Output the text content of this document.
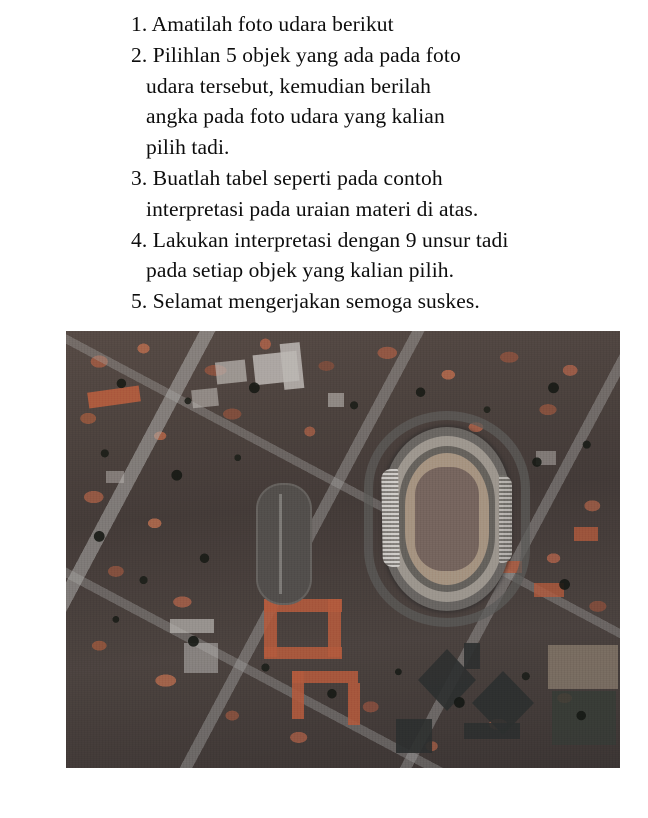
1. Amatilah foto udara berikut
2. Pilihlan 5 objek yang ada pada foto
udara tersebut, kemudian berilah
angka pada foto udara yang kalian
pilih tadi.
3. Buatlah tabel seperti pada contoh
interpretasi pada uraian materi di atas.
4. Lakukan interpretasi dengan 9 unsur tadi
pada setiap objek yang kalian pilih.
5. Selamat mengerjakan semoga suskes.
